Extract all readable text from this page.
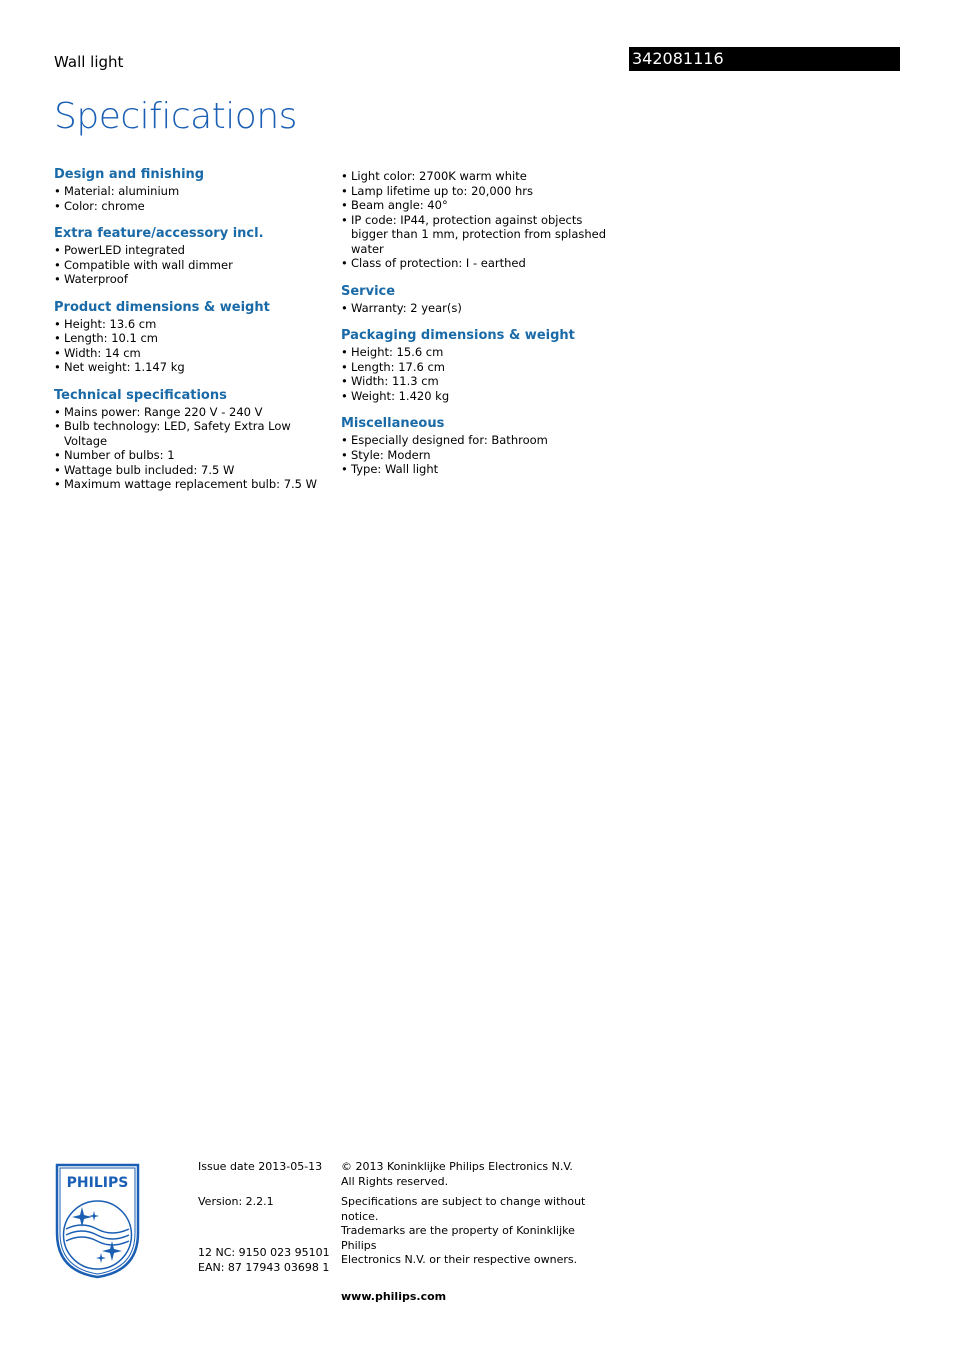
Wall light	342081116
Specifications
Design and finishing
• Material: aluminium
• Color: chrome
Extra feature/accessory incl.
• PowerLED integrated
• Compatible with wall dimmer
• Waterproof
Product dimensions & weight
• Height: 13.6 cm
• Length: 10.1 cm
• Width: 14 cm
• Net weight: 1.147 kg
Technical specifications
• Mains power: Range 220 V - 240 V
• Bulb technology: LED, Safety Extra Low Voltage
• Number of bulbs: 1
• Wattage bulb included: 7.5 W
• Maximum wattage replacement bulb: 7.5 W
• Light color: 2700K warm white
• Lamp lifetime up to: 20,000 hrs
• Beam angle: 40°
• IP code: IP44, protection against objects bigger than 1 mm, protection from splashed water
• Class of protection: I - earthed
Service
• Warranty: 2 year(s)
Packaging dimensions & weight
• Height: 15.6 cm
• Length: 17.6 cm
• Width: 11.3 cm
• Weight: 1.420 kg
Miscellaneous
• Especially designed for: Bathroom
• Style: Modern
• Type: Wall light
PHILIPS
Issue date 2013-05-13
Version: 2.2.1
12 NC: 9150 023 95101
EAN: 87 17943 03698 1
© 2013 Koninklijke Philips Electronics N.V.
All Rights reserved.
Specifications are subject to change without notice.
Trademarks are the property of Koninklijke Philips
Electronics N.V. or their respective owners.
www.philips.com
